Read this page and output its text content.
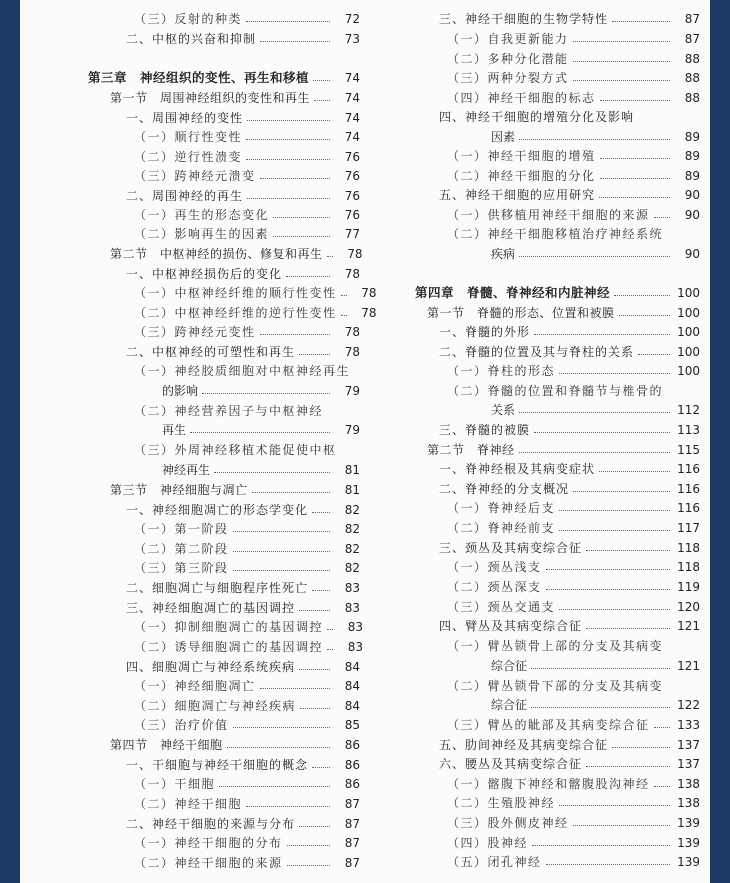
（三）反射的种类	72
二、中枢的兴奋和抑制	73
第三章　神经组织的变性、再生和移植	74
第一节　周围神经组织的变性和再生	74
一、周围神经的变性	74
（一）顺行性变性	74
（二）逆行性溃变	76
（三）跨神经元溃变	76
二、周围神经的再生	76
（一）再生的形态变化	76
（二）影响再生的因素	77
第二节　中枢神经的损伤、修复和再生	78
一、中枢神经损伤后的变化	78
（一）中枢神经纤维的顺行性变性	78
（二）中枢神经纤维的逆行性变性	78
（三）跨神经元变性	78
二、中枢神经的可塑性和再生	78
（一）神经胶质细胞对中枢神经再生
的影响	79
（二）神经营养因子与中枢神经
再生	79
（三）外周神经移植术能促使中枢
神经再生	81
第三节　神经细胞与凋亡	81
一、神经细胞凋亡的形态学变化	82
（一）第一阶段	82
（二）第二阶段	82
（三）第三阶段	82
二、细胞凋亡与细胞程序性死亡	83
三、神经细胞凋亡的基因调控	83
（一）抑制细胞凋亡的基因调控	83
（二）诱导细胞凋亡的基因调控	83
四、细胞凋亡与神经系统疾病	84
（一）神经细胞凋亡	84
（二）细胞凋亡与神经疾病	84
（三）治疗价值	85
第四节　神经干细胞	86
一、干细胞与神经干细胞的概念	86
（一）干细胞	86
（二）神经干细胞	87
二、神经干细胞的来源与分布	87
（一）神经干细胞的分布	87
（二）神经干细胞的来源	87
三、神经干细胞的生物学特性	87
（一）自我更新能力	87
（二）多种分化潜能	88
（三）两种分裂方式	88
（四）神经干细胞的标志	88
四、神经干细胞的增殖分化及影响
因素	89
（一）神经干细胞的增殖	89
（二）神经干细胞的分化	89
五、神经干细胞的应用研究	90
（一）供移植用神经干细胞的来源	90
（二）神经干细胞移植治疗神经系统
疾病	90
第四章　脊髓、脊神经和内脏神经	100
第一节　脊髓的形态、位置和被膜	100
一、脊髓的外形	100
二、脊髓的位置及其与脊柱的关系	100
（一）脊柱的形态	100
（二）脊髓的位置和脊髓节与椎骨的
关系	112
三、脊髓的被膜	113
第二节　脊神经	115
一、脊神经根及其病变症状	116
二、脊神经的分支概况	116
（一）脊神经后支	116
（二）脊神经前支	117
三、颈丛及其病变综合征	118
（一）颈丛浅支	118
（二）颈丛深支	119
（三）颈丛交通支	120
四、臂丛及其病变综合征	121
（一）臂丛锁骨上部的分支及其病变
综合征	121
（二）臂丛锁骨下部的分支及其病变
综合征	122
（三）臂丛的眦部及其病变综合征 133
五、肋间神经及其病变综合征	137
六、腰丛及其病变综合征	137
（一）髂腹下神经和髂腹股沟神经 138
（二）生殖股神经	138
（三）股外侧皮神经	139
（四）股神经	139
（五）闭孔神经	139
